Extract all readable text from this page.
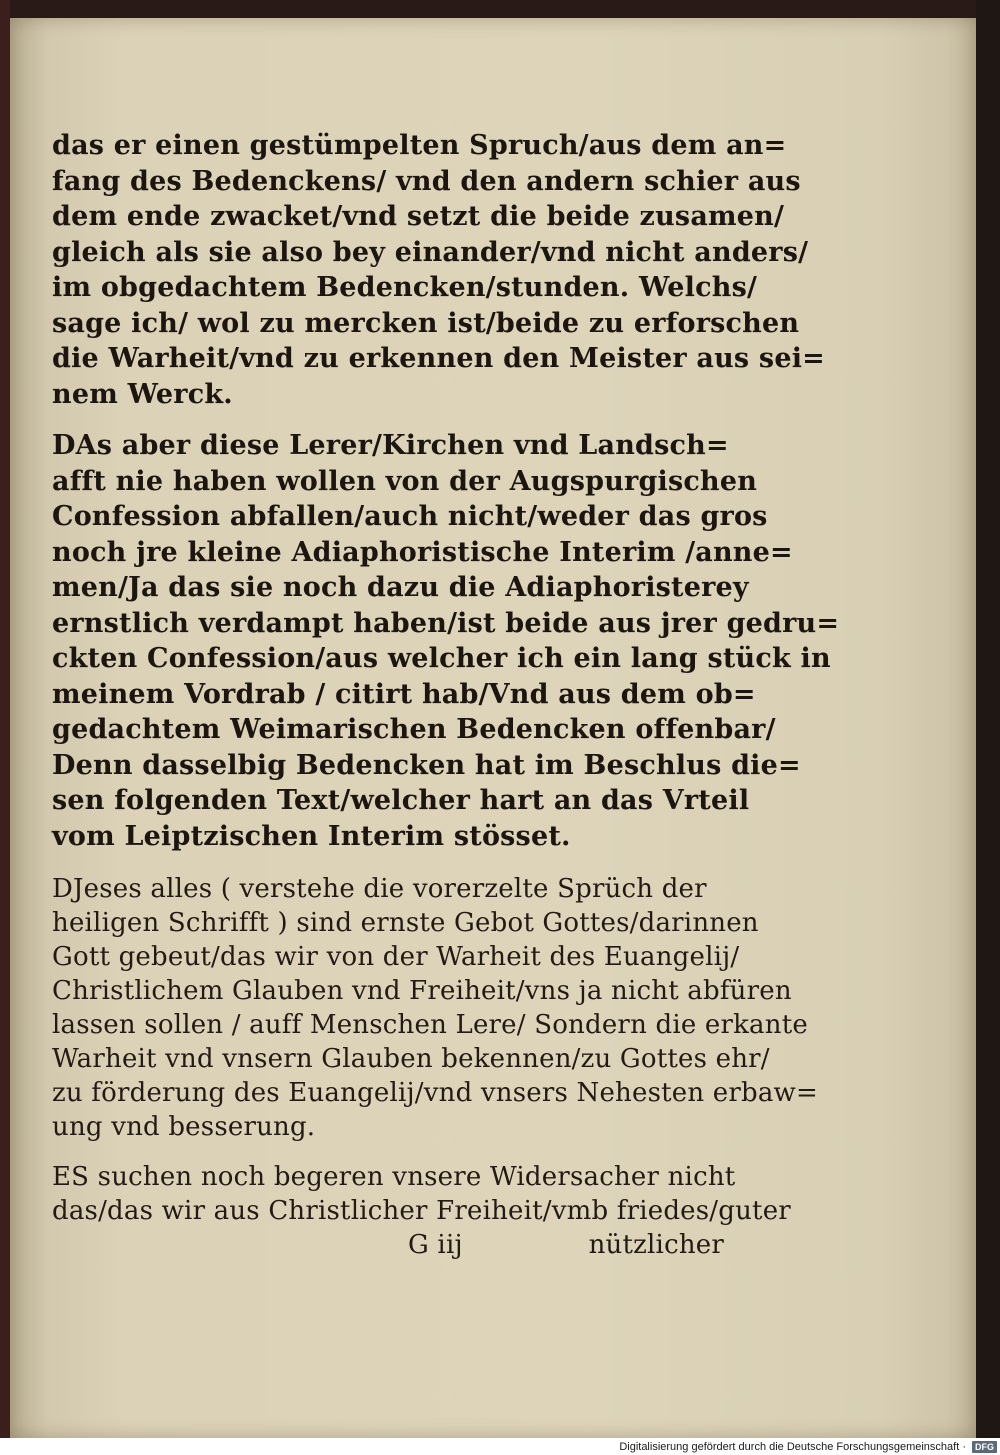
das er einen gestümpelten Spruch/aus dem an=
fang des Bedenckens/ vnd den andern schier aus
dem ende zwacket/vnd setzt die beide zusamen/
gleich als sie also bey einander/vnd nicht anders/
im obgedachtem Bedencken/stunden. Welchs/
sage ich/ wol zu mercken ist/beide zu erforschen
die Warheit/vnd zu erkennen den Meister aus sei=
nem Werck.
DAs aber diese Lerer/Kirchen vnd Landsch=
afft nie haben wollen von der Augspurgischen
Confession abfallen/auch nicht/weder das gros
noch jre kleine Adiaphoristische Interim /anne=
men/Ja das sie noch dazu die Adiaphoristerey
ernstlich verdampt haben/ist beide aus jrer gedru=
ckten Confession/aus welcher ich ein lang stück in
meinem Vordrab / citirt hab/Vnd aus dem ob=
gedachtem Weimarischen Bedencken offenbar/
Denn dasselbig Bedencken hat im Beschlus die=
sen folgenden Text/welcher hart an das Vrteil
vom Leiptzischen Interim stösset.
DJeses alles ( verstehe die vorerzelte Sprüch der
heiligen Schrifft ) sind ernste Gebot Gottes/darinnen
Gott gebeut/das wir von der Warheit des Euangelij/
Christlichem Glauben vnd Freiheit/vns ja nicht abfüren
lassen sollen / auff Menschen Lere/ Sondern die erkante
Warheit vnd vnsern Glauben bekennen/zu Gottes ehr/
zu förderung des Euangelij/vnd vnsers Nehesten erbaw=
ung vnd besserung.
ES suchen noch begeren vnsere Widersacher nicht
das/das wir aus Christlicher Freiheit/vmb friedes/guter
G iij	nützlicher
Digitalisierung gefördert durch die Deutsche Forschungsgemeinschaft ·	DFG
